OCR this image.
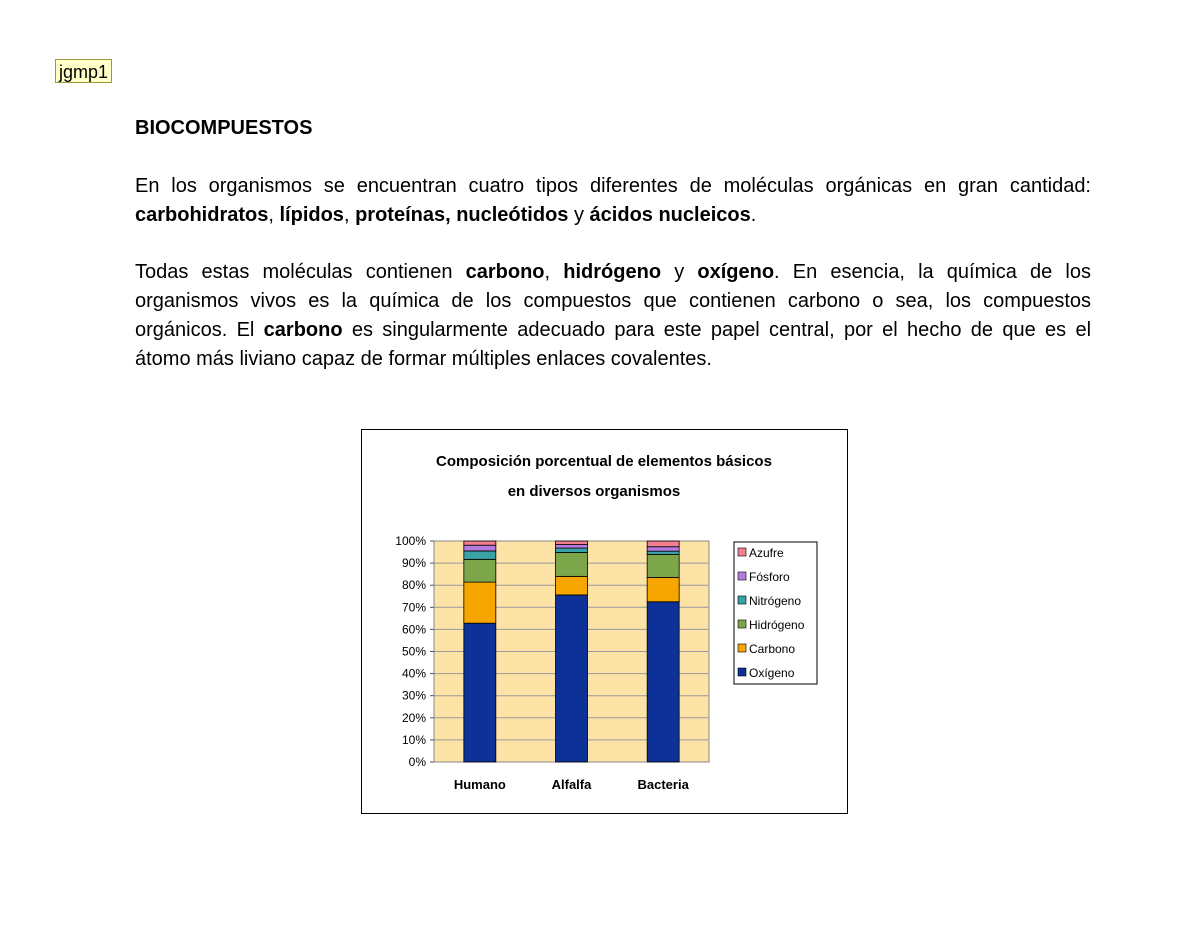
jgmp1
BIOCOMPUESTOS

En los organismos se encuentran cuatro tipos diferentes de moléculas orgánicas en gran cantidad: carbohidratos, lípidos, proteínas, nucleótidos y ácidos nucleicos.

Todas estas moléculas contienen carbono, hidrógeno y oxígeno. En esencia, la química de los organismos vivos es la química de los compuestos que contienen carbono o sea, los compuestos orgánicos. El carbono es singularmente adecuado para este papel central, por el hecho de que es el átomo más liviano capaz de formar múltiples enlaces covalentes.

Composición porcentual de elementos básicos
en diversos organismos
0%
10%
20%
30%
40%
50%
60%
70%
80%
90%
100%
Humano	Alfalfa	Bacteria
Azufre
Fósforo
Nitrógeno
Hidrógeno
Carbono
Oxígeno
